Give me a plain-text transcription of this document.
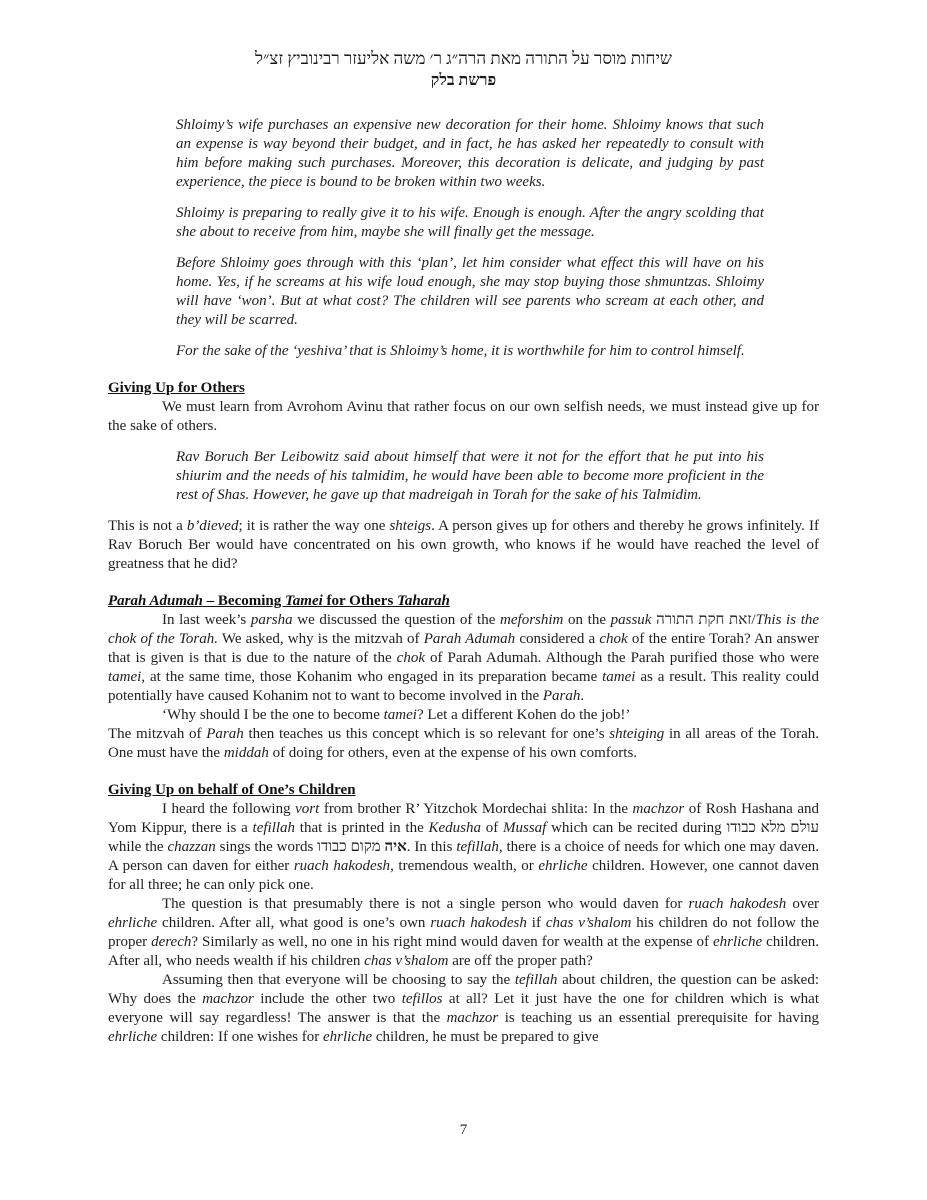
שיחות מוסר על התורה מאת הרה״ג ר׳ משה אליעזר רבינוביץ זצ״ל
פרשת בלק
Shloimy’s wife purchases an expensive new decoration for their home. Shloimy knows that such an expense is way beyond their budget, and in fact, he has asked her repeatedly to consult with him before making such purchases. Moreover, this decoration is delicate, and judging by past experience, the piece is bound to be broken within two weeks.
Shloimy is preparing to really give it to his wife. Enough is enough. After the angry scolding that she about to receive from him, maybe she will finally get the message.
Before Shloimy goes through with this ‘plan’, let him consider what effect this will have on his home. Yes, if he screams at his wife loud enough, she may stop buying those shmuntzas. Shloimy will have ‘won’. But at what cost? The children will see parents who scream at each other, and they will be scarred.
For the sake of the ‘yeshiva’ that is Shloimy’s home, it is worthwhile for him to control himself.
Giving Up for Others
We must learn from Avrohom Avinu that rather focus on our own selfish needs, we must instead give up for the sake of others.
Rav Boruch Ber Leibowitz said about himself that were it not for the effort that he put into his shiurim and the needs of his talmidim, he would have been able to become more proficient in the rest of Shas. However, he gave up that madreigah in Torah for the sake of his Talmidim.
This is not a b’dieved; it is rather the way one shteigs. A person gives up for others and thereby he grows infinitely. If Rav Boruch Ber would have concentrated on his own growth, who knows if he would have reached the level of greatness that he did?
Parah Adumah – Becoming Tamei for Others Taharah
In last week’s parsha we discussed the question of the meforshim on the passuk זאת חקת התורה/This is the chok of the Torah. We asked, why is the mitzvah of Parah Adumah considered a chok of the entire Torah? An answer that is given is that is due to the nature of the chok of Parah Adumah. Although the Parah purified those who were tamei, at the same time, those Kohanim who engaged in its preparation became tamei as a result. This reality could potentially have caused Kohanim not to want to become involved in the Parah.
‘Why should I be the one to become tamei? Let a different Kohen do the job!’
The mitzvah of Parah then teaches us this concept which is so relevant for one’s shteiging in all areas of the Torah. One must have the middah of doing for others, even at the expense of his own comforts.
Giving Up on behalf of One’s Children
I heard the following vort from brother R’ Yitzchok Mordechai shlita: In the machzor of Rosh Hashana and Yom Kippur, there is a tefillah that is printed in the Kedusha of Mussaf which can be recited during עולם מלא כבודו while the chazzan sings the words	איה מקום כבודו . In this tefillah, there is a choice of needs for which one may daven. A person can daven for either ruach hakodesh, tremendous wealth, or ehrliche children. However, one cannot daven for all three; he can only pick one.
The question is that presumably there is not a single person who would daven for ruach hakodesh over ehrliche children. After all, what good is one’s own ruach hakodesh if chas v’shalom his children do not follow the proper derech? Similarly as well, no one in his right mind would daven for wealth at the expense of ehrliche children. After all, who needs wealth if his children chas v’shalom are off the proper path?
Assuming then that everyone will be choosing to say the tefillah about children, the question can be asked: Why does the machzor include the other two tefillos at all? Let it just have the one for children which is what everyone will say regardless! The answer is that the machzor is teaching us an essential prerequisite for having ehrliche children: If one wishes for ehrliche children, he must be prepared to give
7
